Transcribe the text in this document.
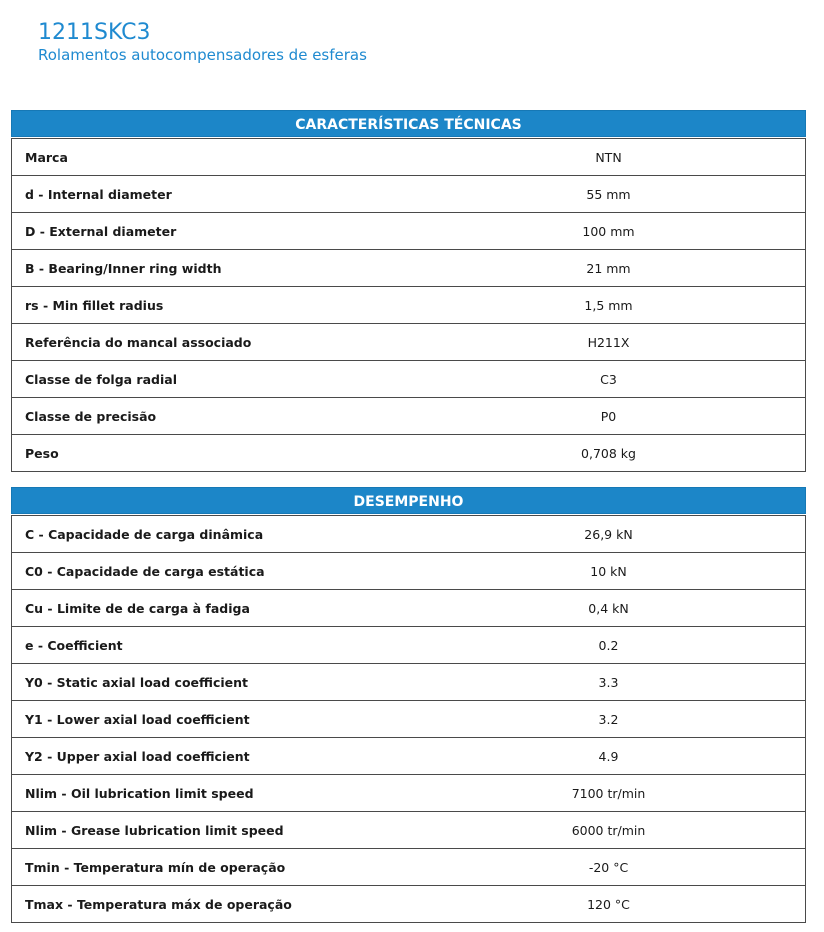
1211SKC3
Rolamentos autocompensadores de esferas
CARACTERÍSTICAS TÉCNICAS
Marca	NTN
d - Internal diameter	55 mm
D - External diameter	100 mm
B - Bearing/Inner ring width	21 mm
rs - Min fillet radius	1,5 mm
Referência do mancal associado	H211X
Classe de folga radial	C3
Classe de precisão	P0
Peso	0,708 kg
DESEMPENHO
C - Capacidade de carga dinâmica	26,9 kN
C0 - Capacidade de carga estática	10 kN
Cu - Limite de de carga à fadiga	0,4 kN
e - Coefficient	0.2
Y0 - Static axial load coefficient	3.3
Y1 - Lower axial load coefficient	3.2
Y2 - Upper axial load coefficient	4.9
Nlim - Oil lubrication limit speed	7100 tr/min
Nlim - Grease lubrication limit speed	6000 tr/min
Tmin - Temperatura mín de operação	-20 °C
Tmax - Temperatura máx de operação	120 °C
